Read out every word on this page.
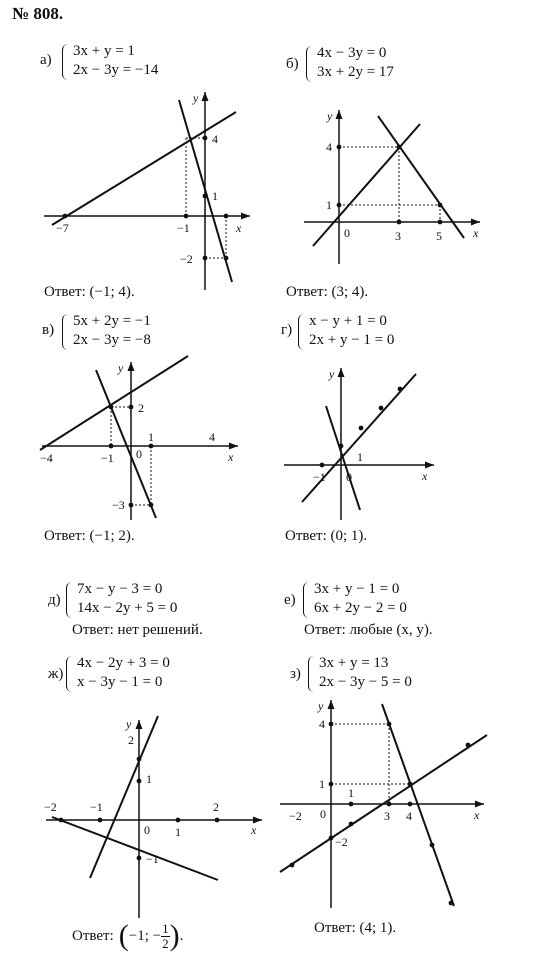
№ 808.
а)
3x + y = 1
2x − 3y = −14
−7	−1	x
4
1
−2
y
Ответ: (−1; 4).
б)
4x − 3y = 0
3x + 2y = 17
4
1
0	3	5	x
y
Ответ: (3; 4).
в)
5x + 2y = −1
2x − 3y = −8
−4	−1 0
1	4
2
−3
x
y
Ответ: (−1; 2).
г)
x − y + 1 = 0
2x + y − 1 = 0
−1 0
1
x
y
Ответ: (0; 1).
д)
7x − y − 3 = 0
14x − 2y + 5 = 0
Ответ: нет решений.
е)
3x + y − 1 = 0
6x + 2y − 2 = 0
Ответ: любые (x, y).
ж)
4x − 2y + 3 = 0
x − 3y − 1 = 0
−2	−1
0 1
2
2
1
−1
x
y
Ответ: ( −1; − $\frac{1}{2}$ ) .
з)
3x + y = 13
2x − 3y − 5 = 0
−2 0
1
3 4
4
1
−2
x
y
Ответ: (4; 1).
